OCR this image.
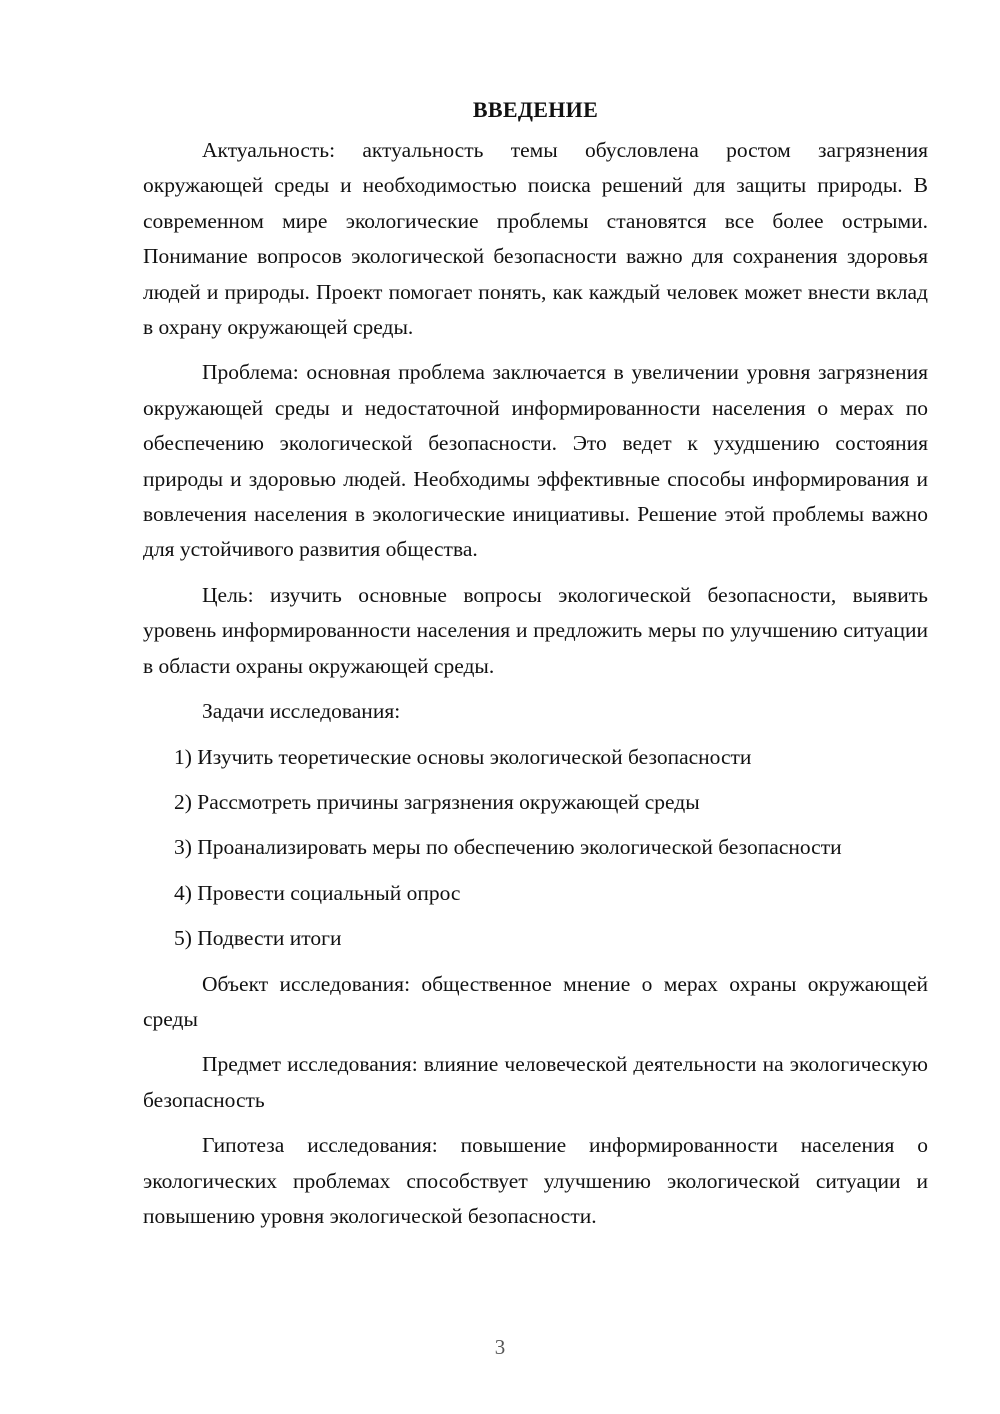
ВВЕДЕНИЕ

Актуальность: актуальность темы обусловлена ростом загрязнения окружающей среды и необходимостью поиска решений для защиты природы. В современном мире экологические проблемы становятся все более острыми. Понимание вопросов экологической безопасности важно для сохранения здоровья людей и природы. Проект помогает понять, как каждый человек может внести вклад в охрану окружающей среды.

Проблема: основная проблема заключается в увеличении уровня загрязнения окружающей среды и недостаточной информированности населения о мерах по обеспечению экологической безопасности. Это ведет к ухудшению состояния природы и здоровью людей. Необходимы эффективные способы информирования и вовлечения населения в экологические инициативы. Решение этой проблемы важно для устойчивого развития общества.

Цель: изучить основные вопросы экологической безопасности, выявить уровень информированности населения и предложить меры по улучшению ситуации в области охраны окружающей среды.

Задачи исследования:

1) Изучить теоретические основы экологической безопасности

2) Рассмотреть причины загрязнения окружающей среды

3) Проанализировать меры по обеспечению экологической безопасности

4) Провести социальный опрос

5) Подвести итоги

Объект исследования: общественное мнение о мерах охраны окружающей среды

Предмет исследования: влияние человеческой деятельности на экологическую безопасность

Гипотеза исследования: повышение информированности населения о экологических проблемах способствует улучшению экологической ситуации и повышению уровня экологической безопасности.

3
